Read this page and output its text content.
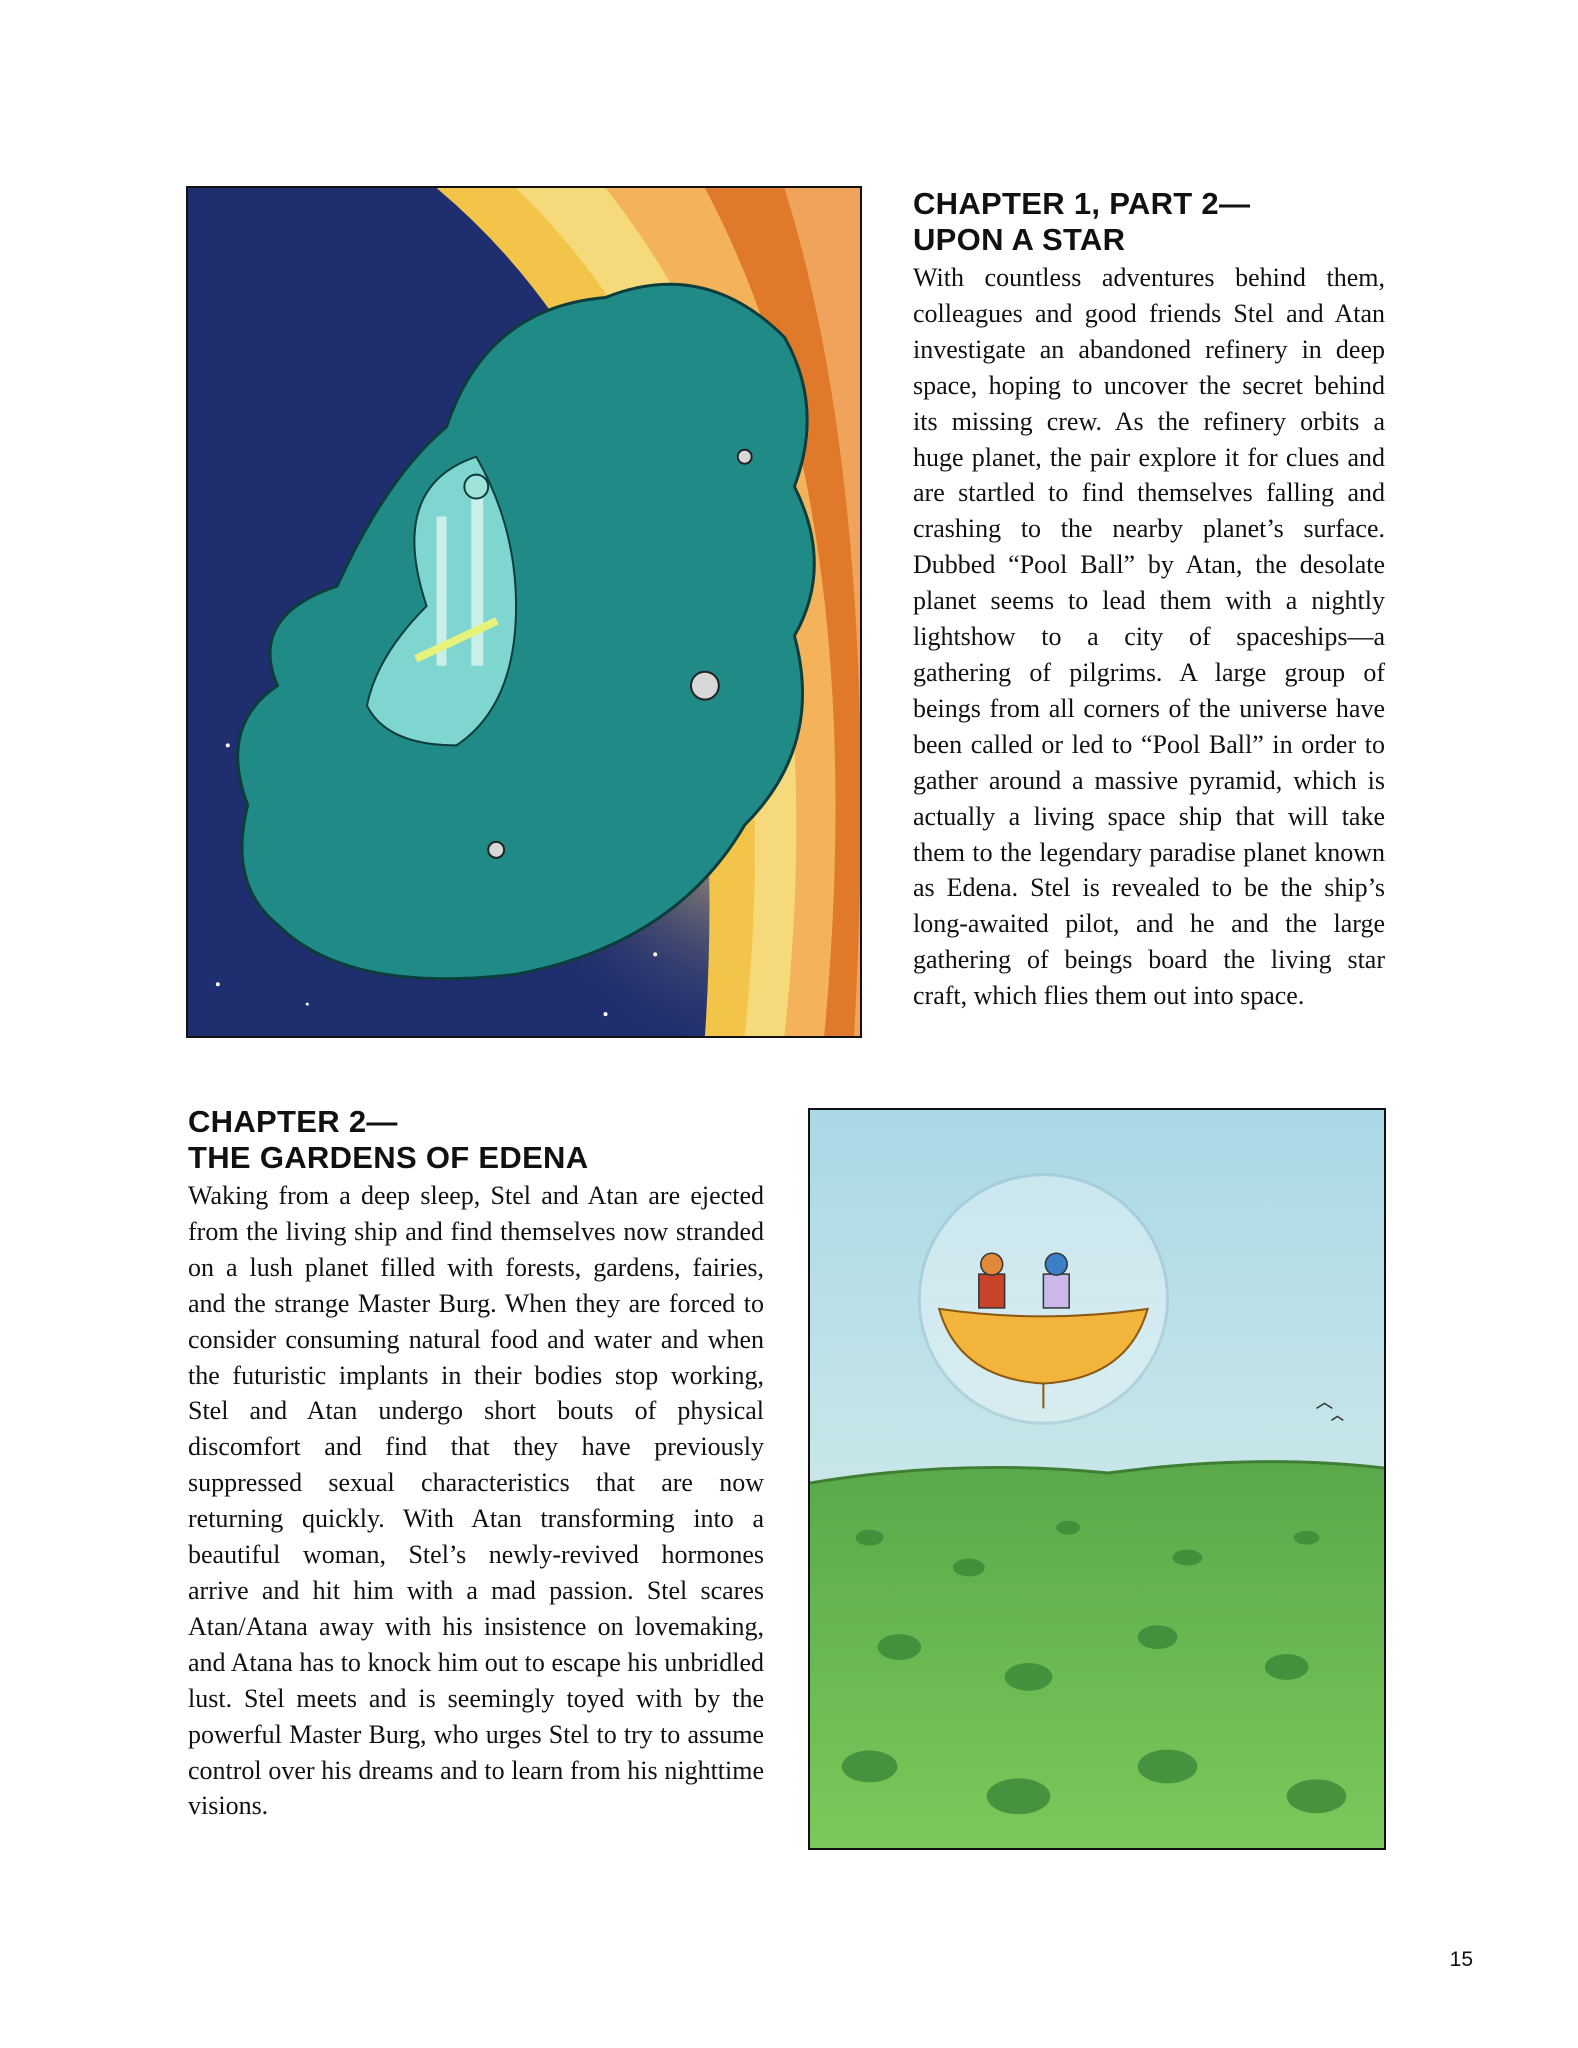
CHAPTER 1, PART 2—
UPON A STAR

With countless adventures behind them, colleagues and good friends Stel and Atan investigate an abandoned refinery in deep space, hoping to uncover the secret behind its missing crew. As the refinery orbits a huge planet, the pair explore it for clues and are startled to find themselves falling and crashing to the nearby planet’s surface. Dubbed “Pool Ball” by Atan, the desolate planet seems to lead them with a nightly lightshow to a city of spaceships—a gathering of pilgrims. A large group of beings from all corners of the universe have been called or led to “Pool Ball” in order to gather around a massive pyramid, which is actually a living space ship that will take them to the legendary paradise planet known as Edena. Stel is revealed to be the ship’s long-awaited pilot, and he and the large gathering of beings board the living star craft, which flies them out into space.

CHAPTER 2—
THE GARDENS OF EDENA

Waking from a deep sleep, Stel and Atan are ejected from the living ship and find themselves now stranded on a lush planet filled with forests, gardens, fairies, and the strange Master Burg. When they are forced to consider consuming natural food and water and when the futuristic implants in their bodies stop working, Stel and Atan undergo short bouts of physical discomfort and find that they have previously suppressed sexual characteristics that are now returning quickly. With Atan transforming into a beautiful woman, Stel’s newly-revived hormones arrive and hit him with a mad passion. Stel scares Atan/Atana away with his insistence on lovemaking, and Atana has to knock him out to escape his unbridled lust. Stel meets and is seemingly toyed with by the powerful Master Burg, who urges Stel to try to assume control over his dreams and to learn from his nighttime visions.

15
